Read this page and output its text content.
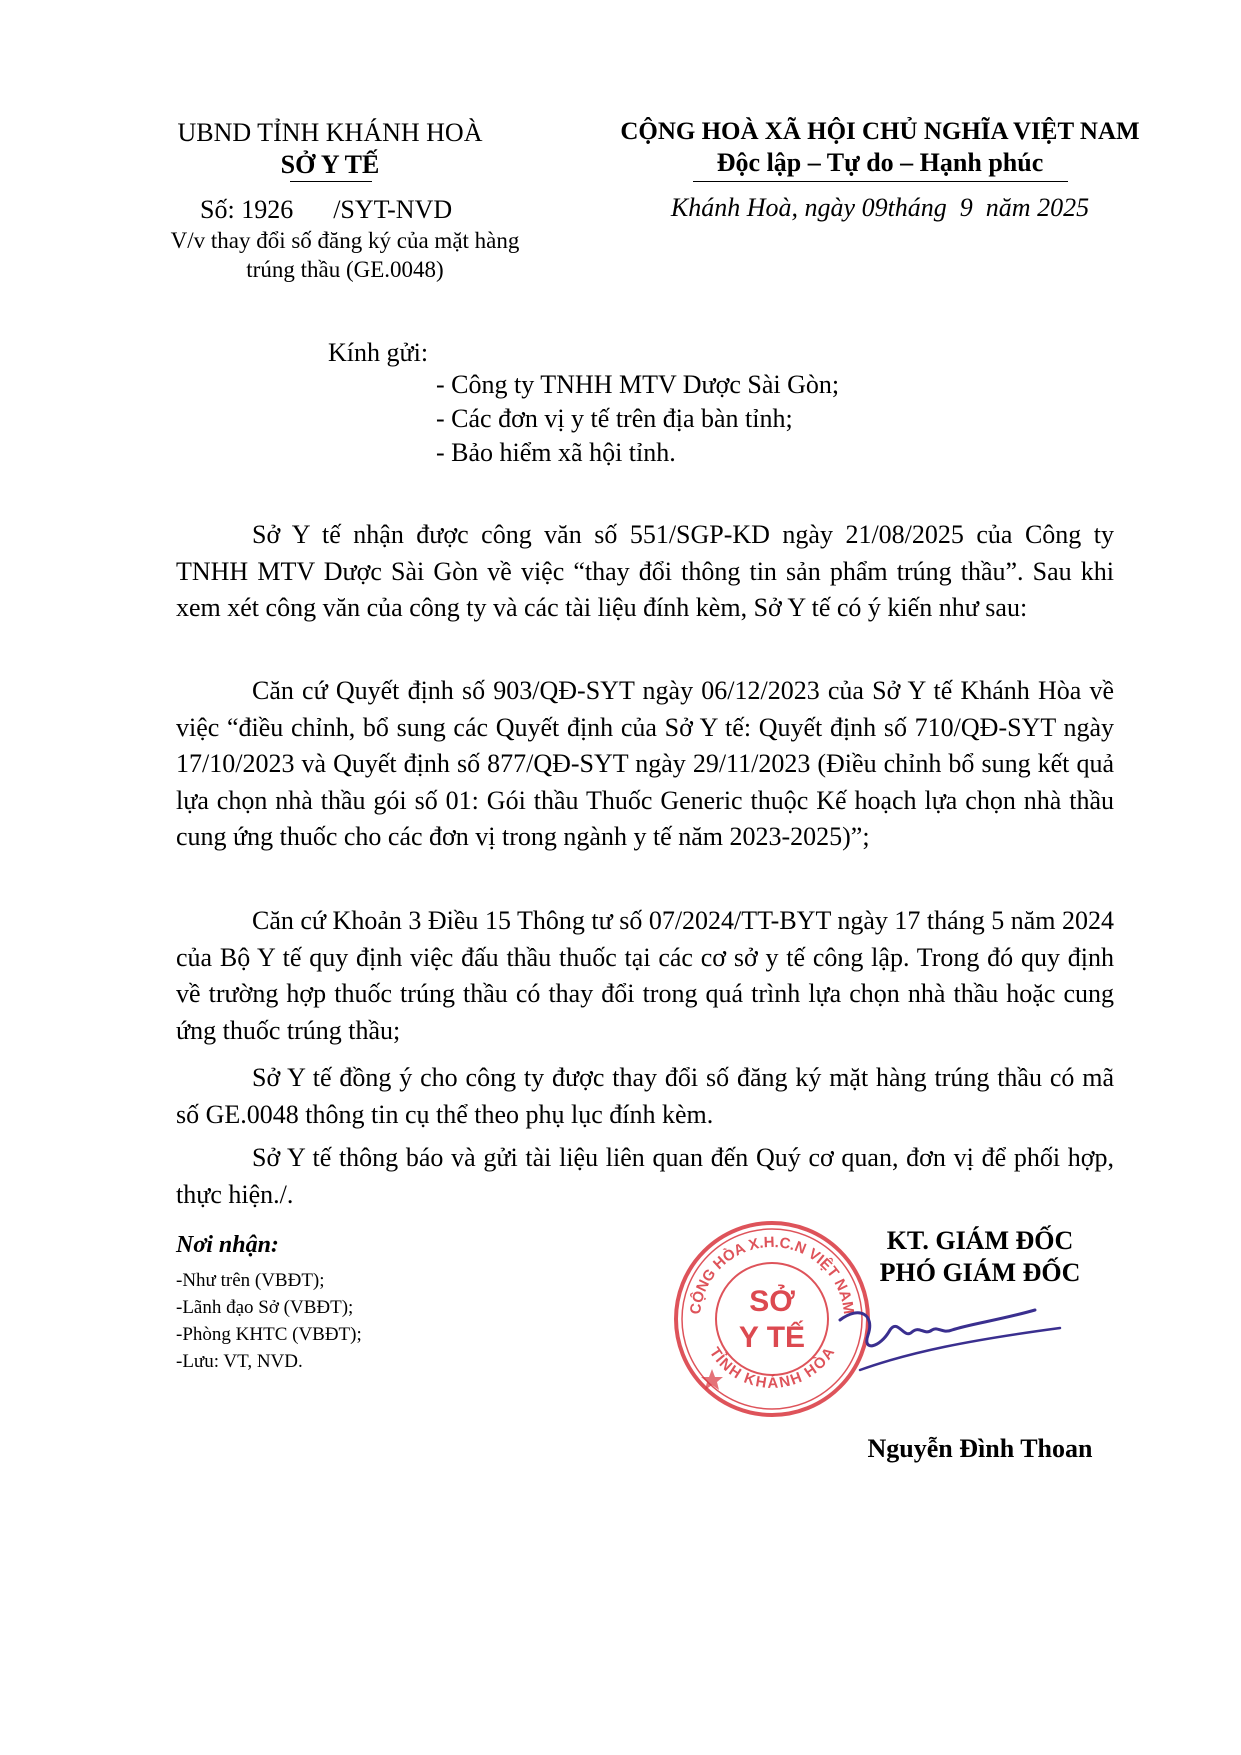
UBND TỈNH KHÁNH HOÀ
SỞ Y TẾ
Số: 1926 /SYT-NVD
V/v thay đổi số đăng ký của mặt hàng
trúng thầu (GE.0048)
CỘNG HOÀ XÃ HỘI CHỦ NGHĨA VIỆT NAM
Độc lập – Tự do – Hạnh phúc
Khánh Hoà, ngày 09tháng  9  năm 2025
Kính gửi:
- Công ty TNHH MTV Dược Sài Gòn;
- Các đơn vị y tế trên địa bàn tỉnh;
- Bảo hiểm xã hội tỉnh.
Sở Y tế nhận được công văn số 551/SGP-KD ngày 21/08/2025 của Công ty TNHH MTV Dược Sài Gòn về việc “thay đổi thông tin sản phẩm trúng thầu”. Sau khi xem xét công văn của công ty và các tài liệu đính kèm, Sở Y tế có ý kiến như sau:
Căn cứ Quyết định số 903/QĐ-SYT ngày 06/12/2023 của Sở Y tế Khánh Hòa về việc “điều chỉnh, bổ sung các Quyết định của Sở Y tế: Quyết định số 710/QĐ-SYT ngày 17/10/2023 và Quyết định số 877/QĐ-SYT ngày 29/11/2023 (Điều chỉnh bổ sung kết quả lựa chọn nhà thầu gói số 01: Gói thầu Thuốc Generic thuộc Kế hoạch lựa chọn nhà thầu cung ứng thuốc cho các đơn vị trong ngành y tế năm 2023-2025)”;
Căn cứ Khoản 3 Điều 15 Thông tư số 07/2024/TT-BYT ngày 17 tháng 5 năm 2024 của Bộ Y tế quy định việc đấu thầu thuốc tại các cơ sở y tế công lập. Trong đó quy định về trường hợp thuốc trúng thầu có thay đổi trong quá trình lựa chọn nhà thầu hoặc cung ứng thuốc trúng thầu;
Sở Y tế đồng ý cho công ty được thay đổi số đăng ký mặt hàng trúng thầu có mã số GE.0048 thông tin cụ thể theo phụ lục đính kèm.
Sở Y tế thông báo và gửi tài liệu liên quan đến Quý cơ quan, đơn vị để phối hợp, thực hiện./.
Nơi nhận:
-Như trên (VBĐT);
-Lãnh đạo Sở (VBĐT);
-Phòng KHTC (VBĐT);
-Lưu: VT, NVD.
CỘNG HÒA X.H.C.N VIỆT NAM
TỈNH KHÁNH HÒA
SỞ
Y TẾ
KT. GIÁM ĐỐC
PHÓ GIÁM ĐỐC
Nguyễn Đình Thoan
